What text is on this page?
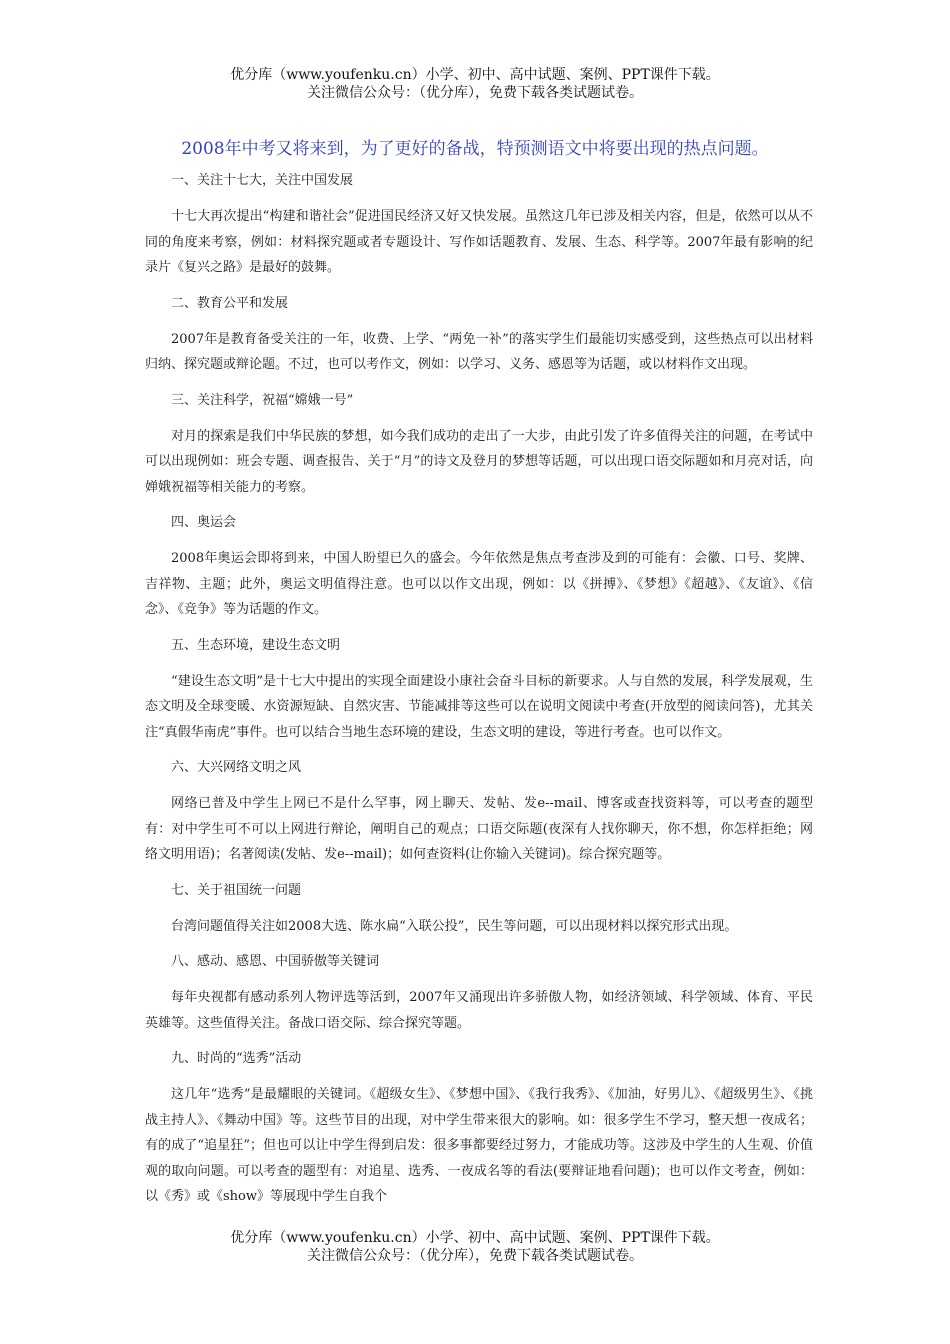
优分库（www.youfenku.cn）小学、初中、高中试题、案例、PPT课件下载。
关注微信公众号：（优分库），免费下载各类试题试卷。
2008年中考又将来到，为了更好的备战，特预测语文中将要出现的热点问题。

一、关注十七大，关注中国发展

十七大再次提出“构建和谐社会”促进国民经济又好又快发展。虽然这几年已涉及相关内容，但是，依然可以从不同的角度来考察，例如：材料探究题或者专题设计、写作如话题教育、发展、生态、科学等。2007年最有影响的纪录片《复兴之路》是最好的鼓舞。

二、教育公平和发展

2007年是教育备受关注的一年，收费、上学、“两免一补”的落实学生们最能切实感受到，这些热点可以出材料归纳、探究题或辩论题。不过，也可以考作文，例如：以学习、义务、感恩等为话题，或以材料作文出现。

三、关注科学，祝福“嫦娥一号”

对月的探索是我们中华民族的梦想，如今我们成功的走出了一大步，由此引发了许多值得关注的问题，在考试中可以出现例如：班会专题、调查报告、关于“月”的诗文及登月的梦想等话题，可以出现口语交际题如和月亮对话，向婵娥祝福等相关能力的考察。

四、奥运会

2008年奥运会即将到来，中国人盼望已久的盛会。今年依然是焦点考查涉及到的可能有：会徽、口号、奖牌、吉祥物、主题；此外，奥运文明值得注意。也可以以作文出现，例如：以《拼搏》、《梦想》《超越》、《友谊》、《信念》、《竞争》等为话题的作文。

五、生态环境，建设生态文明

“建设生态文明”是十七大中提出的实现全面建设小康社会奋斗目标的新要求。人与自然的发展，科学发展观，生态文明及全球变暖、水资源短缺、自然灾害、节能减排等这些可以在说明文阅读中考查(开放型的阅读问答)，尤其关注“真假华南虎”事件。也可以结合当地生态环境的建设，生态文明的建设，等进行考查。也可以作文。

六、大兴网络文明之风

网络已普及中学生上网已不是什么罕事，网上聊天、发帖、发e--mail、博客或查找资料等，可以考查的题型有：对中学生可不可以上网进行辩论，阐明自己的观点；口语交际题(夜深有人找你聊天，你不想，你怎样拒绝；网络文明用语)；名著阅读(发帖、发e--mail)；如何查资料(让你输入关键词)。综合探究题等。

七、关于祖国统一问题

台湾问题值得关注如2008大选、陈水扁“入联公投”，民生等问题，可以出现材料以探究形式出现。

八、感动、感恩、中国骄傲等关键词

每年央视都有感动系列人物评选等活到，2007年又涌现出许多骄傲人物，如经济领域、科学领域、体育、平民英雄等。这些值得关注。备战口语交际、综合探究等题。

九、时尚的“选秀”活动

这几年“选秀”是最耀眼的关键词。《超级女生》、《梦想中国》、《我行我秀》、《加油，好男儿》、《超级男生》、《挑战主持人》、《舞动中国》等。这些节目的出现，对中学生带来很大的影响。如：很多学生不学习，整天想一夜成名；有的成了“追星狂”；但也可以让中学生得到启发：很多事都要经过努力，才能成功等。这涉及中学生的人生观、价值观的取向问题。可以考查的题型有：对追星、选秀、一夜成名等的看法(要辩证地看问题)；也可以作文考查，例如：以《秀》或《show》等展现中学生自我个

优分库（www.youfenku.cn）小学、初中、高中试题、案例、PPT课件下载。
关注微信公众号：（优分库），免费下载各类试题试卷。
